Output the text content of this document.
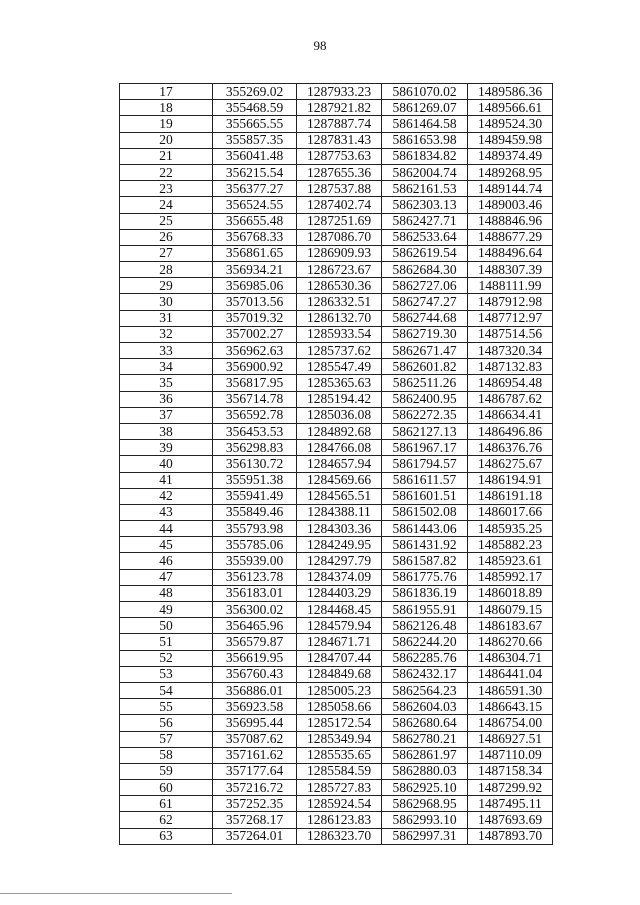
98
17	355269.02	1287933.23	5861070.02	1489586.36
18	355468.59	1287921.82	5861269.07	1489566.61
19	355665.55	1287887.74	5861464.58	1489524.30
20	355857.35	1287831.43	5861653.98	1489459.98
21	356041.48	1287753.63	5861834.82	1489374.49
22	356215.54	1287655.36	5862004.74	1489268.95
23	356377.27	1287537.88	5862161.53	1489144.74
24	356524.55	1287402.74	5862303.13	1489003.46
25	356655.48	1287251.69	5862427.71	1488846.96
26	356768.33	1287086.70	5862533.64	1488677.29
27	356861.65	1286909.93	5862619.54	1488496.64
28	356934.21	1286723.67	5862684.30	1488307.39
29	356985.06	1286530.36	5862727.06	1488111.99
30	357013.56	1286332.51	5862747.27	1487912.98
31	357019.32	1286132.70	5862744.68	1487712.97
32	357002.27	1285933.54	5862719.30	1487514.56
33	356962.63	1285737.62	5862671.47	1487320.34
34	356900.92	1285547.49	5862601.82	1487132.83
35	356817.95	1285365.63	5862511.26	1486954.48
36	356714.78	1285194.42	5862400.95	1486787.62
37	356592.78	1285036.08	5862272.35	1486634.41
38	356453.53	1284892.68	5862127.13	1486496.86
39	356298.83	1284766.08	5861967.17	1486376.76
40	356130.72	1284657.94	5861794.57	1486275.67
41	355951.38	1284569.66	5861611.57	1486194.91
42	355941.49	1284565.51	5861601.51	1486191.18
43	355849.46	1284388.11	5861502.08	1486017.66
44	355793.98	1284303.36	5861443.06	1485935.25
45	355785.06	1284249.95	5861431.92	1485882.23
46	355939.00	1284297.79	5861587.82	1485923.61
47	356123.78	1284374.09	5861775.76	1485992.17
48	356183.01	1284403.29	5861836.19	1486018.89
49	356300.02	1284468.45	5861955.91	1486079.15
50	356465.96	1284579.94	5862126.48	1486183.67
51	356579.87	1284671.71	5862244.20	1486270.66
52	356619.95	1284707.44	5862285.76	1486304.71
53	356760.43	1284849.68	5862432.17	1486441.04
54	356886.01	1285005.23	5862564.23	1486591.30
55	356923.58	1285058.66	5862604.03	1486643.15
56	356995.44	1285172.54	5862680.64	1486754.00
57	357087.62	1285349.94	5862780.21	1486927.51
58	357161.62	1285535.65	5862861.97	1487110.09
59	357177.64	1285584.59	5862880.03	1487158.34
60	357216.72	1285727.83	5862925.10	1487299.92
61	357252.35	1285924.54	5862968.95	1487495.11
62	357268.17	1286123.83	5862993.10	1487693.69
63	357264.01	1286323.70	5862997.31	1487893.70
